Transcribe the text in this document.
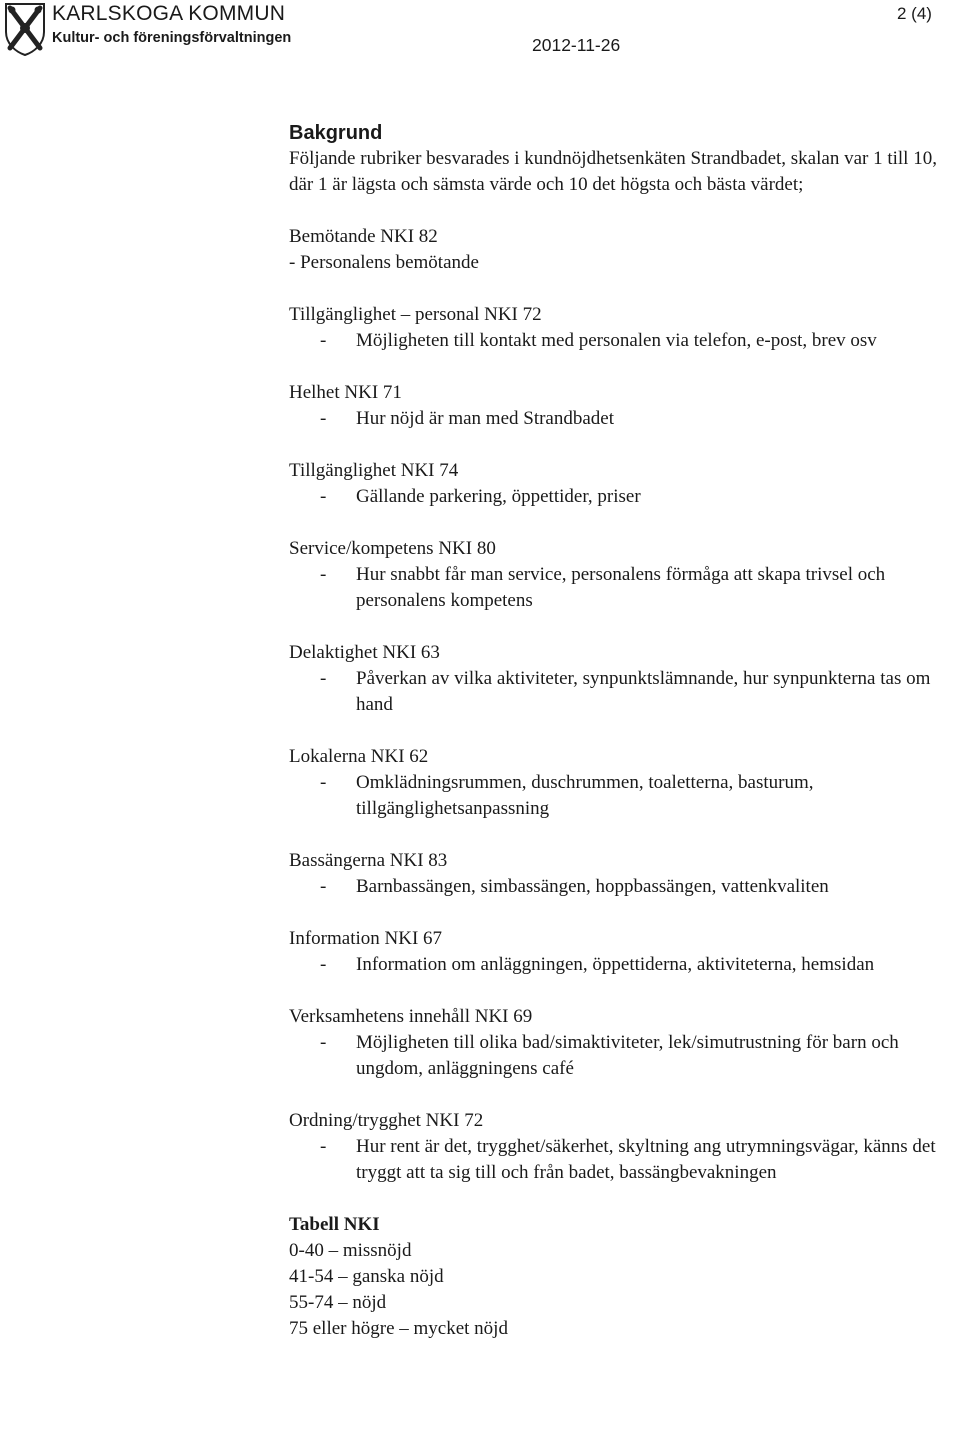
KARLSKOGA KOMMUN
Kultur- och föreningsförvaltningen
2 (4)
2012-11-26
Bakgrund
Följande rubriker besvarades i kundnöjdhetsenkäten Strandbadet, skalan var 1 till 10, där 1 är lägsta och sämsta värde och 10 det högsta och bästa värdet;
Bemötande NKI 82
- Personalens bemötande
Tillgänglighet – personal NKI 72
-	Möjligheten till kontakt med personalen via telefon, e-post, brev osv
Helhet NKI 71
-	Hur nöjd är man med Strandbadet
Tillgänglighet NKI 74
-	Gällande parkering, öppettider, priser
Service/kompetens NKI 80
-	Hur snabbt får man service, personalens förmåga att skapa trivsel och personalens kompetens
Delaktighet NKI 63
-	Påverkan av vilka aktiviteter, synpunktslämnande, hur synpunkterna tas om hand
Lokalerna NKI 62
-	Omklädningsrummen, duschrummen, toaletterna, basturum, tillgänglighetsanpassning
Bassängerna NKI 83
-	Barnbassängen, simbassängen, hoppbassängen, vattenkvaliten
Information NKI 67
-	Information om anläggningen, öppettiderna, aktiviteterna, hemsidan
Verksamhetens innehåll NKI 69
-	Möjligheten till olika bad/simaktiviteter, lek/simutrustning för barn och ungdom, anläggningens café
Ordning/trygghet NKI 72
-	Hur rent är det, trygghet/säkerhet, skyltning ang utrymningsvägar, känns det tryggt att ta sig till och från badet, bassängbevakningen
Tabell NKI
0-40 – missnöjd
41-54 – ganska nöjd
55-74 – nöjd
75 eller högre – mycket nöjd
